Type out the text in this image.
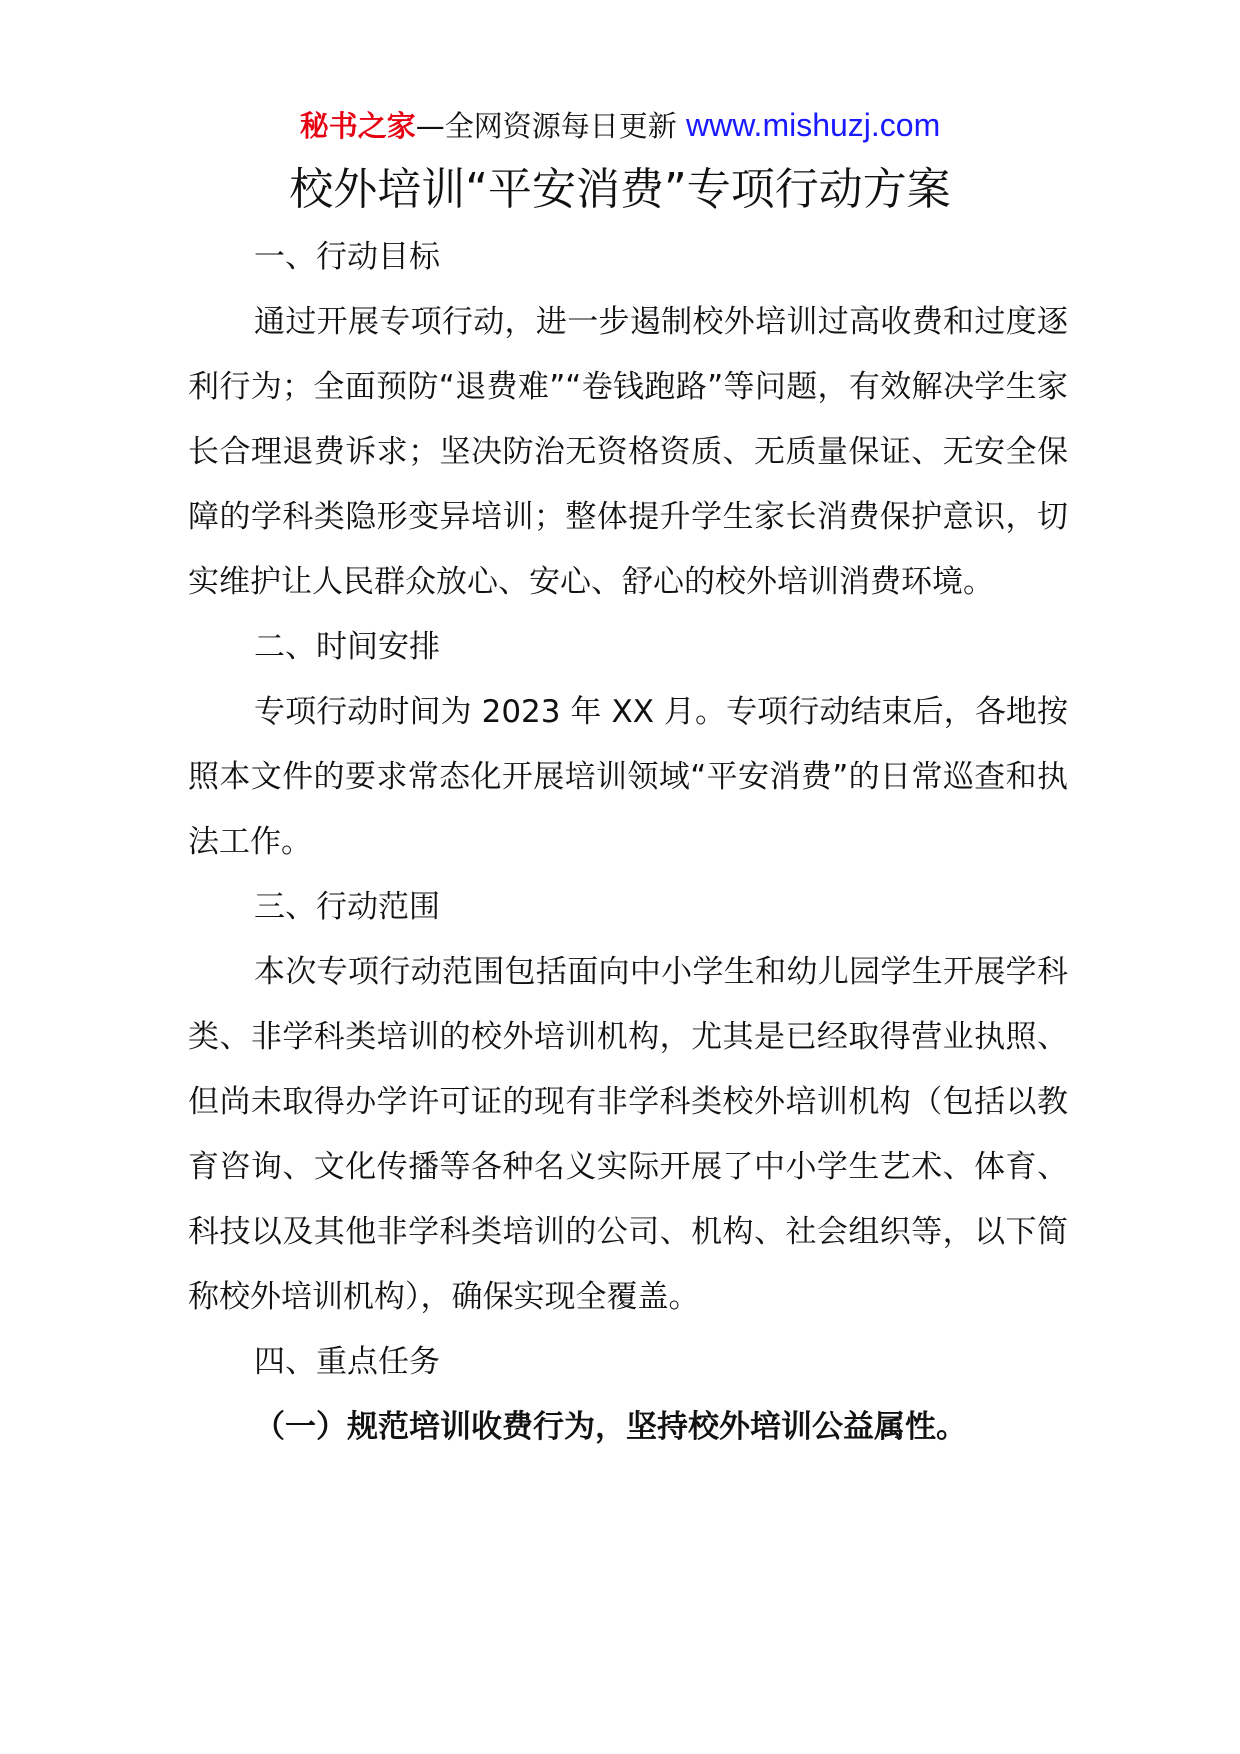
秘书之家—全网资源每日更新 www.mishuzj.com
校外培训“平安消费”专项行动方案

一、行动目标

通过开展专项行动，进一步遏制校外培训过高收费和过度逐利行为；全面预防“退费难”“卷钱跑路”等问题，有效解决学生家长合理退费诉求；坚决防治无资格资质、无质量保证、无安全保障的学科类隐形变异培训；整体提升学生家长消费保护意识，切实维护让人民群众放心、安心、舒心的校外培训消费环境。

二、时间安排

专项行动时间为 2023 年 XX 月。专项行动结束后，各地按照本文件的要求常态化开展培训领域“平安消费”的日常巡查和执法工作。

三、行动范围

本次专项行动范围包括面向中小学生和幼儿园学生开展学科类、非学科类培训的校外培训机构，尤其是已经取得营业执照、但尚未取得办学许可证的现有非学科类校外培训机构（包括以教育咨询、文化传播等各种名义实际开展了中小学生艺术、体育、科技以及其他非学科类培训的公司、机构、社会组织等，以下简称校外培训机构），确保实现全覆盖。

四、重点任务

（一）规范培训收费行为，坚持校外培训公益属性。
